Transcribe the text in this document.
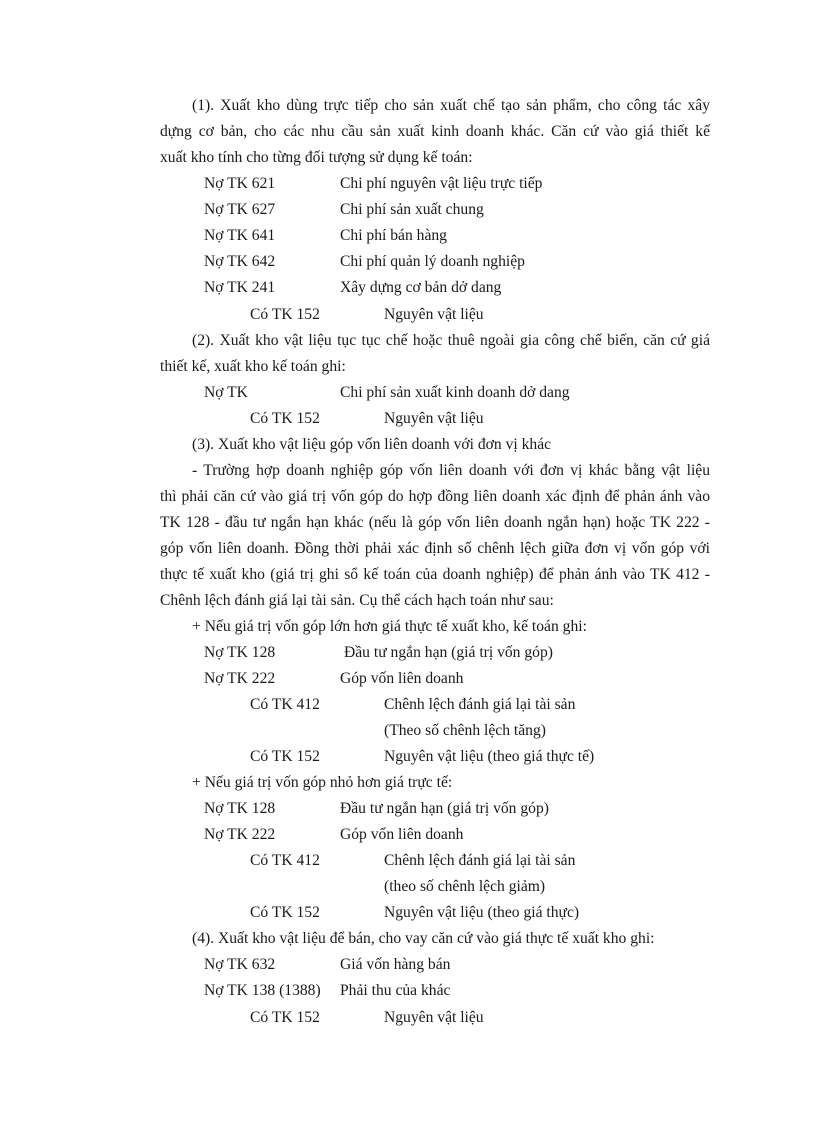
(1). Xuất kho dùng trực tiếp cho sản xuất chế tạo sản phẩm, cho công tác xây
dựng cơ bản, cho các nhu cầu sản xuất kinh doanh khác. Căn cứ vào giá thiết kế
xuất kho tính cho từng đối tượng sử dụng kế toán:
Nợ TK 621	Chi phí nguyên vật liệu trực tiếp
Nợ TK 627	Chi phí sản xuất chung
Nợ TK 641	Chi phí bán hàng
Nợ TK 642	Chi phí quản lý doanh nghiệp
Nợ TK 241	Xây dựng cơ bản dở dang
Có TK 152	Nguyên vật liệu
(2). Xuất kho vật liệu tục tục chế hoặc thuê ngoài gia công chế biến, căn cứ giá
thiết kế, xuất kho kế toán ghi:
Nợ TK	Chi phí sản xuất kinh doanh dở dang
Có TK 152	Nguyên vật liệu
(3). Xuất kho vật liệu góp vốn liên doanh với đơn vị khác
- Trường hợp doanh nghiệp góp vốn liên doanh với đơn vị khác bằng vật liệu
thì phải căn cứ vào giá trị vốn góp do hợp đồng liên doanh xác định để phản ánh vào
TK 128 - đầu tư ngắn hạn khác (nếu là góp vốn liên doanh ngắn hạn) hoặc TK 222 -
góp vốn liên doanh. Đồng thời phải xác định số chênh lệch giữa đơn vị vốn góp với
thực tế xuất kho (giá trị ghi sổ kế toán của doanh nghiệp) để phản ánh vào TK 412 -
Chênh lệch đánh giá lại tài sản. Cụ thể cách hạch toán như sau:
+ Nếu giá trị vốn góp lớn hơn giá thực tế xuất kho, kế toán ghi:
Nợ TK 128	Đầu tư ngắn hạn (giá trị vốn góp)
Nợ TK 222	Góp vốn liên doanh
Có TK 412	Chênh lệch đánh giá lại tài sản
(Theo số chênh lệch tăng)
Có TK 152	Nguyên vật liệu (theo giá thực tế)
+ Nếu giá trị vốn góp nhỏ hơn giá trực tế:
Nợ TK 128	Đầu tư ngắn hạn (giá trị vốn góp)
Nợ TK 222	Góp vốn liên doanh
Có TK 412	Chênh lệch đánh giá lại tài sản
(theo số chênh lệch giảm)
Có TK 152	Nguyên vật liệu (theo giá thực)
(4). Xuất kho vật liệu để bán, cho vay căn cứ vào giá thực tế xuất kho ghi:
Nợ TK 632	Giá vốn hàng bán
Nợ TK 138 (1388) Phải thu của khác
Có TK 152	Nguyên vật liệu
